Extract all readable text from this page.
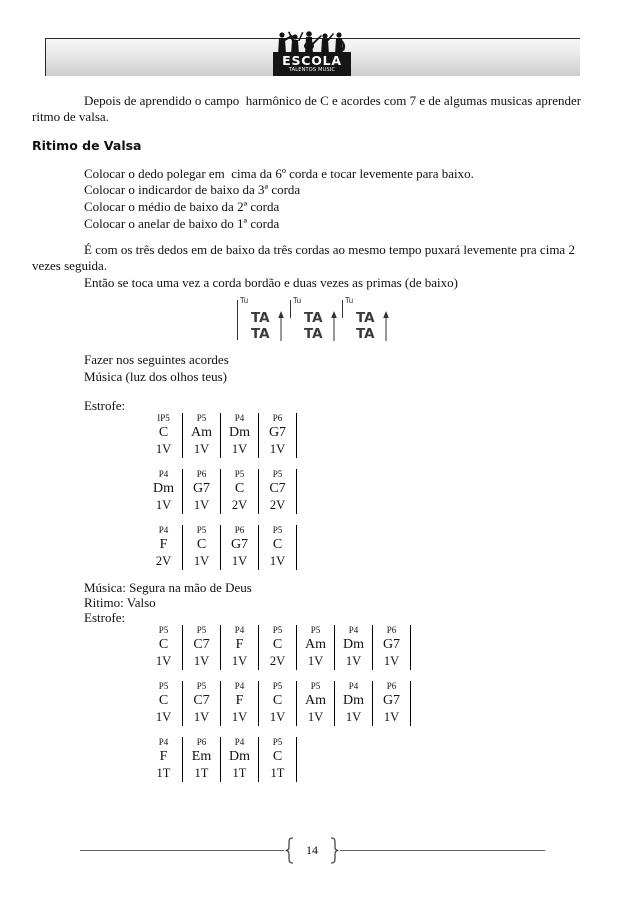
ESCOLA
TALENTOS MUSIC
Depois de aprendido o campo  harmônico de C e acordes com 7 e de algumas musicas aprender
ritmo de valsa.
Ritimo de Valsa
Colocar o dedo polegar em  cima da 6º corda e tocar levemente para baixo.
Colocar o indicardor de baixo da 3ª corda
Colocar o médio de baixo da 2ª corda
Colocar o anelar de baixo do 1ª corda
É com os três dedos em de baixo da três cordas ao mesmo tempo puxará levemente pra cima 2
vezes seguida.
Então se toca uma vez a corda bordão e duas vezes as primas (de baixo)
Tu
TA
TA
Tu
TA
TA
Tu
TA
TA
Fazer nos seguintes acordes
Música (luz dos olhos teus)
Estrofe:
IP5
C
1V
P5
Am
1V
P4
Dm
1V
P6
G7
1V
P4
Dm
1V
P6
G7
1V
P5
C
2V
P5
C7
2V
P4
F
2V
P5
C
1V
P6
G7
1V
P5
C
1V
Música: Segura na mão de Deus
Ritimo: Valso
Estrofe:
P5
C
1V
P5
C7
1V
P4
F
1V
P5
C
2V
P5
Am
1V
P4
Dm
1V
P6
G7
1V
P5
C
1V
P5
C7
1V
P4
F
1V
P5
C
1V
P5
Am
1V
P4
Dm
1V
P6
G7
1V
P4
F
1T
P6
Em
1T
P4
Dm
1T
P5
C
1T
14
